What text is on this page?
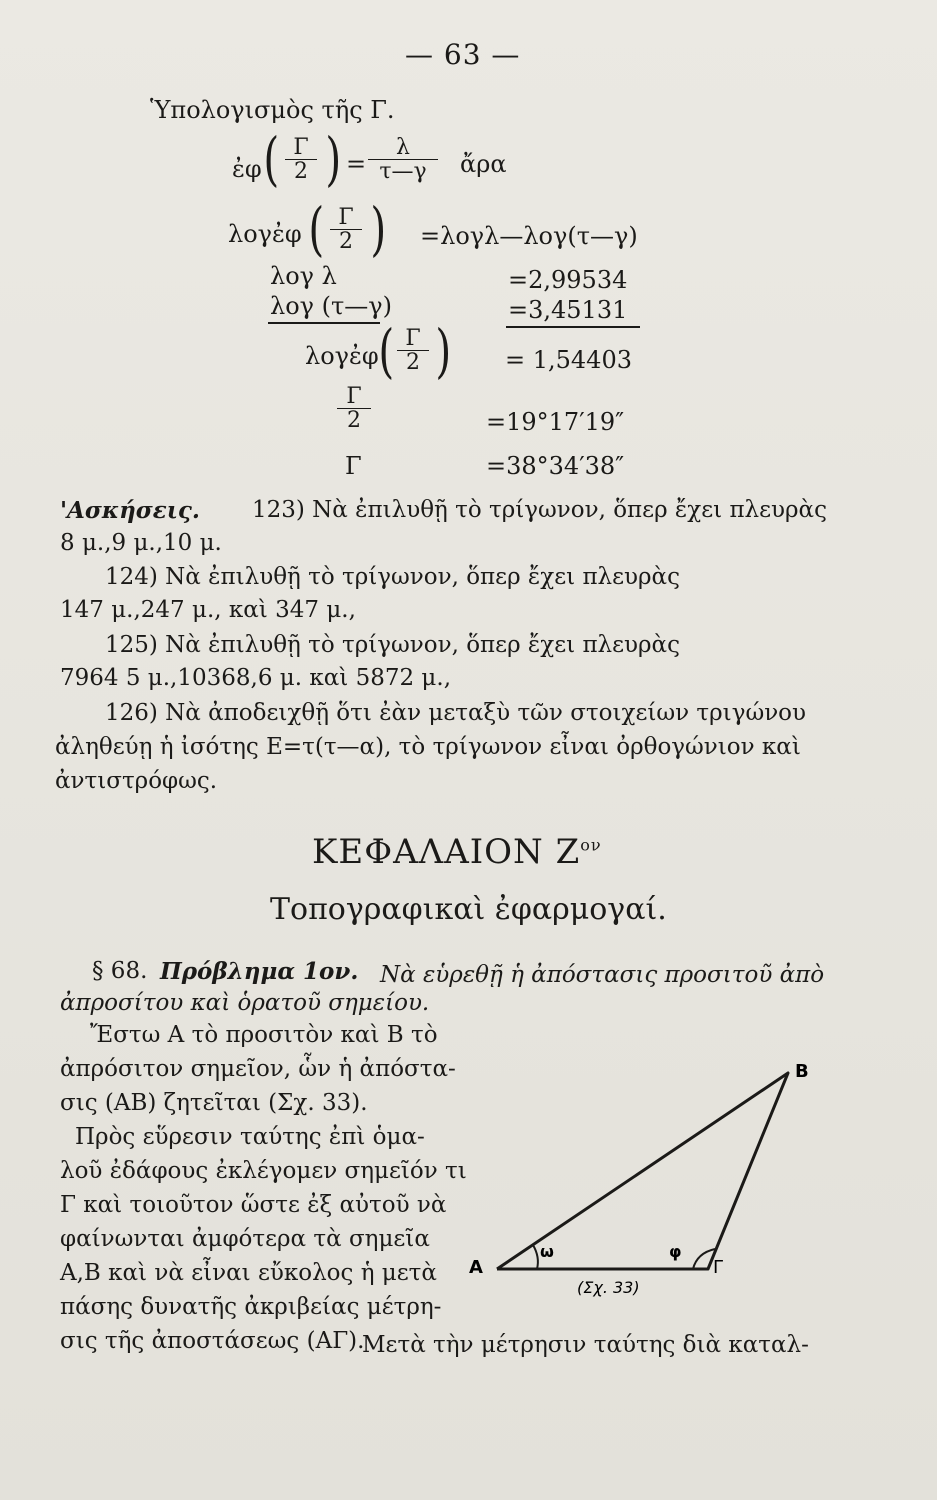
— 63 —
Ὑπολογισμὸς τῆς Γ.
ἐφ ( $\frac{\Gamma}{2}$ ) = $\frac{\lambda}{\tau—\gamma}$ ἄρα
λογἐφ ( $\frac{\Gamma}{2}$ ) =λογλ—λογ(τ—γ)
λογ λ	=2,99534
λογ (τ—γ)	=3,45131
λογἐφ ( $\frac{\Gamma}{2}$ ) = 1,54403
$\frac{\Gamma}{2}$	=19°17′19″
Γ	=38°34′38″
'Ασκήσεις. 123) Νὰ ἐπιλυθῇ τὸ τρίγωνον, ὅπερ ἔχει πλευρὰς
8 μ.,9 μ.,10 μ.
124) Νὰ ἐπιλυθῇ τὸ τρίγωνον, ὅπερ ἔχει πλευρὰς
147 μ.,247 μ., καὶ 347 μ.,
125) Νὰ ἐπιλυθῇ τὸ τρίγωνον, ὅπερ ἔχει πλευρὰς
7964 5 μ.,10368,6 μ. καὶ 5872 μ.,
126) Νὰ ἀποδειχθῇ ὅτι ἐὰν μεταξὺ τῶν στοιχείων τριγώνου
ἀληθεύῃ ἡ ἰσότης Ε=τ(τ—α), τὸ τρίγωνον εἶναι ὀρθογώνιον καὶ
ἀντιστρόφως.
ΚΕΦΑΛΑΙΟΝ $Z^{o\nu}$
Τοπογραφικαὶ ἐφαρμογαί.
§ 68. Πρόβλημα 1ον. Νὰ εὑρεθῇ ἡ ἀπόστασις προσιτοῦ ἀπὸ
ἀπροσίτου καὶ ὁρατοῦ σημείου.
Ἔστω Α τὸ προσιτὸν καὶ Β τὸ
ἀπρόσιτον σημεῖον, ὧν ἡ ἀπόστα-
σις (ΑΒ) ζητεῖται (Σχ. 33).
Πρὸς εὕρεσιν ταύτης ἐπὶ ὁμα-
λοῦ ἐδάφους ἐκλέγομεν σημεῖόν τι
Γ καὶ τοιοῦτον ὥστε ἐξ αὐτοῦ νὰ
φαίνωνται ἀμφότερα τὰ σημεῖα
Α,Β καὶ νὰ εἶναι εὔκολος ἡ μετὰ
πάσης δυνατῆς ἀκριβείας μέτρη-
σις τῆς ἀποστάσεως (ΑΓ).
Μετὰ τὴν μέτρησιν ταύτης διὰ καταλ-
Α
Β
Γ
ω	φ
(Σχ. 33)
